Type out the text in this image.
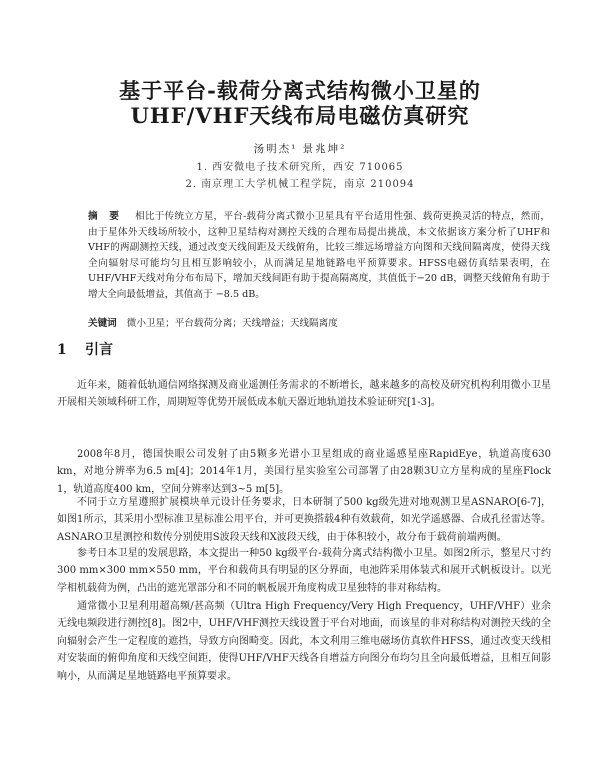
基于平台-载荷分离式结构微小卫星的
UHF/VHF天线布局电磁仿真研究
汤明杰¹ 景兆坤²
1. 西安微电子技术研究所，西安 710065
2. 南京理工大学机械工程学院，南京 210094
摘 要 相比于传统立方星，平台-载荷分离式微小卫星具有平台适用性强、载荷更换灵活的特点，然而，由于星体外天线场所较小，这种卫星结构对测控天线的合理布局提出挑战，本文依据该方案分析了UHF和VHF的两副测控天线，通过改变天线间距及天线俯角，比较三维远场增益方向图和天线间隔离度，使得天线全向辐射尽可能均匀且相互影响较小，从而满足星地链路电平预算要求。HFSS电磁仿真结果表明，在UHF/VHF天线对角分布布局下，增加天线间距有助于提高隔离度，其值低于−20 dB，调整天线俯角有助于增大全向最低增益，其值高于 −8.5 dB。
关键词 微小卫星；平台载荷分离；天线增益；天线隔离度
1 引言

近年来，随着低轨通信网络探测及商业遥测任务需求的不断增长，越来越多的高校及研究机构利用微小卫星开展相关领域科研工作，周期短等优势开展低成本航天器近地轨道技术验证研究[1-3]。

2008年8月，德国快眼公司发射了由5颗多光谱小卫星组成的商业遥感星座RapidEye，轨道高度630 km，对地分辨率为6.5 m[4]；2014年1月，美国行星实验室公司部署了由28颗3U立方星构成的星座Flock 1，轨道高度400 km，空间分辨率达到3~5 m[5]。

不同于立方星遵照扩展模块单元设计任务要求，日本研制了500 kg级先进对地观测卫星ASNARO[6-7]，如图1所示，其采用小型标准卫星标准公用平台，并可更换搭载4种有效载荷，如光学遥感器、合成孔径雷达等。ASNARO卫星测控和数传分别使用S波段天线和X波段天线，由于体积较小，故分布于载荷前端两侧。

参考日本卫星的发展思路，本文提出一种50 kg级平台-载荷分离式结构微小卫星。如图2所示，整星尺寸约300 mm×300 mm×550 mm，平台和载荷具有明显的区分界面，电池阵采用体装式和展开式帆板设计。以光学相机载荷为例，凸出的遮光罩部分和不同的帆板展开角度构成卫星独特的非对称结构。

通常微小卫星利用超高频/甚高频（Ultra High Frequency/Very High Frequency，UHF/VHF）业余无线电频段进行测控[8]。图2中，UHF/VHF测控天线设置于平台对地面，而该星的非对称结构对测控天线的全向辐射会产生一定程度的遮挡，导致方向图畸变。因此，本文利用三维电磁场仿真软件HFSS，通过改变天线相对安装面的俯仰角度和天线空间距，使得UHF/VHF天线各自增益方向图分布均匀且全向最低增益，且相互间影响小，从而满足星地链路电平预算要求。
